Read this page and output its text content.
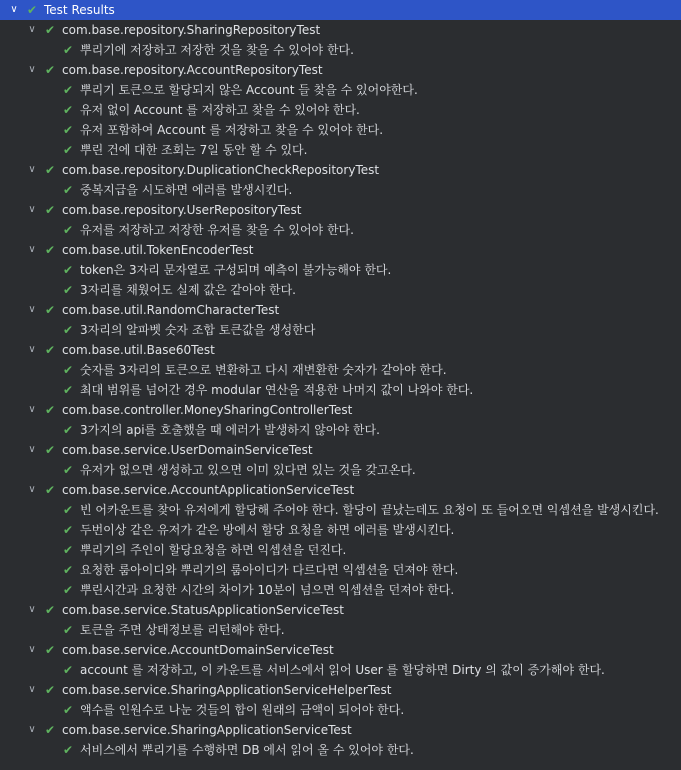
∨ ✔ Test Results
∨ ✔ com.base.repository.SharingRepositoryTest
✔ 뿌리기에 저장하고 저장한 것을 찾을 수 있어야 한다.
∨ ✔ com.base.repository.AccountRepositoryTest
✔ 뿌리기 토큰으로 할당되지 않은 Account 들 찾을 수 있어야한다.
✔ 유저 없이 Account 를 저장하고 찾을 수 있어야 한다.
✔ 유저 포함하여 Account 를 저장하고 찾을 수 있어야 한다.
✔ 뿌린 건에 대한 조회는 7일 동안 할 수 있다.
∨ ✔ com.base.repository.DuplicationCheckRepositoryTest
✔ 중복지급을 시도하면 에러를 발생시킨다.
∨ ✔ com.base.repository.UserRepositoryTest
✔ 유저를 저장하고 저장한 유저를 찾을 수 있어야 한다.
∨ ✔ com.base.util.TokenEncoderTest
✔ token은 3자리 문자열로 구성되며 예측이 불가능해야 한다.
✔ 3자리를 채웠어도 실제 값은 같아야 한다.
∨ ✔ com.base.util.RandomCharacterTest
✔ 3자리의 알파벳 숫자 조합 토큰값을 생성한다
∨ ✔ com.base.util.Base60Test
✔ 숫자를 3자리의 토큰으로 변환하고 다시 재변환한 숫자가 같아야 한다.
✔ 최대 범위를 넘어간 경우 modular 연산을 적용한 나머지 값이 나와야 한다.
∨ ✔ com.base.controller.MoneySharingControllerTest
✔ 3가지의 api를 호출했을 때 에러가 발생하지 않아야 한다.
∨ ✔ com.base.service.UserDomainServiceTest
✔ 유저가 없으면 생성하고 있으면 이미 있다면 있는 것을 갖고온다.
∨ ✔ com.base.service.AccountApplicationServiceTest
✔ 빈 어카운트를 찾아 유저에게 할당해 주어야 한다. 할당이 끝났는데도 요청이 또 들어오면 익셉션을 발생시킨다.
✔ 두번이상 같은 유저가 같은 방에서 할당 요청을 하면 에러를 발생시킨다.
✔ 뿌리기의 주인이 할당요청을 하면 익셉션을 던진다.
✔ 요청한 룸아이디와 뿌리기의 룸아이디가 다르다면 익셉션을 던져야 한다.
✔ 뿌린시간과 요청한 시간의 차이가 10분이 넘으면 익셉션을 던져야 한다.
∨ ✔ com.base.service.StatusApplicationServiceTest
✔ 토큰을 주면 상태정보를 리턴해야 한다.
∨ ✔ com.base.service.AccountDomainServiceTest
✔ account 를 저장하고, 이 카운트를 서비스에서 읽어 User 를 할당하면 Dirty 의 값이 증가해야 한다.
∨ ✔ com.base.service.SharingApplicationServiceHelperTest
✔ 액수를 인원수로 나눈 것들의 합이 원래의 금액이 되어야 한다.
∨ ✔ com.base.service.SharingApplicationServiceTest
✔ 서비스에서 뿌리기를 수행하면 DB 에서 읽어 올 수 있어야 한다.
